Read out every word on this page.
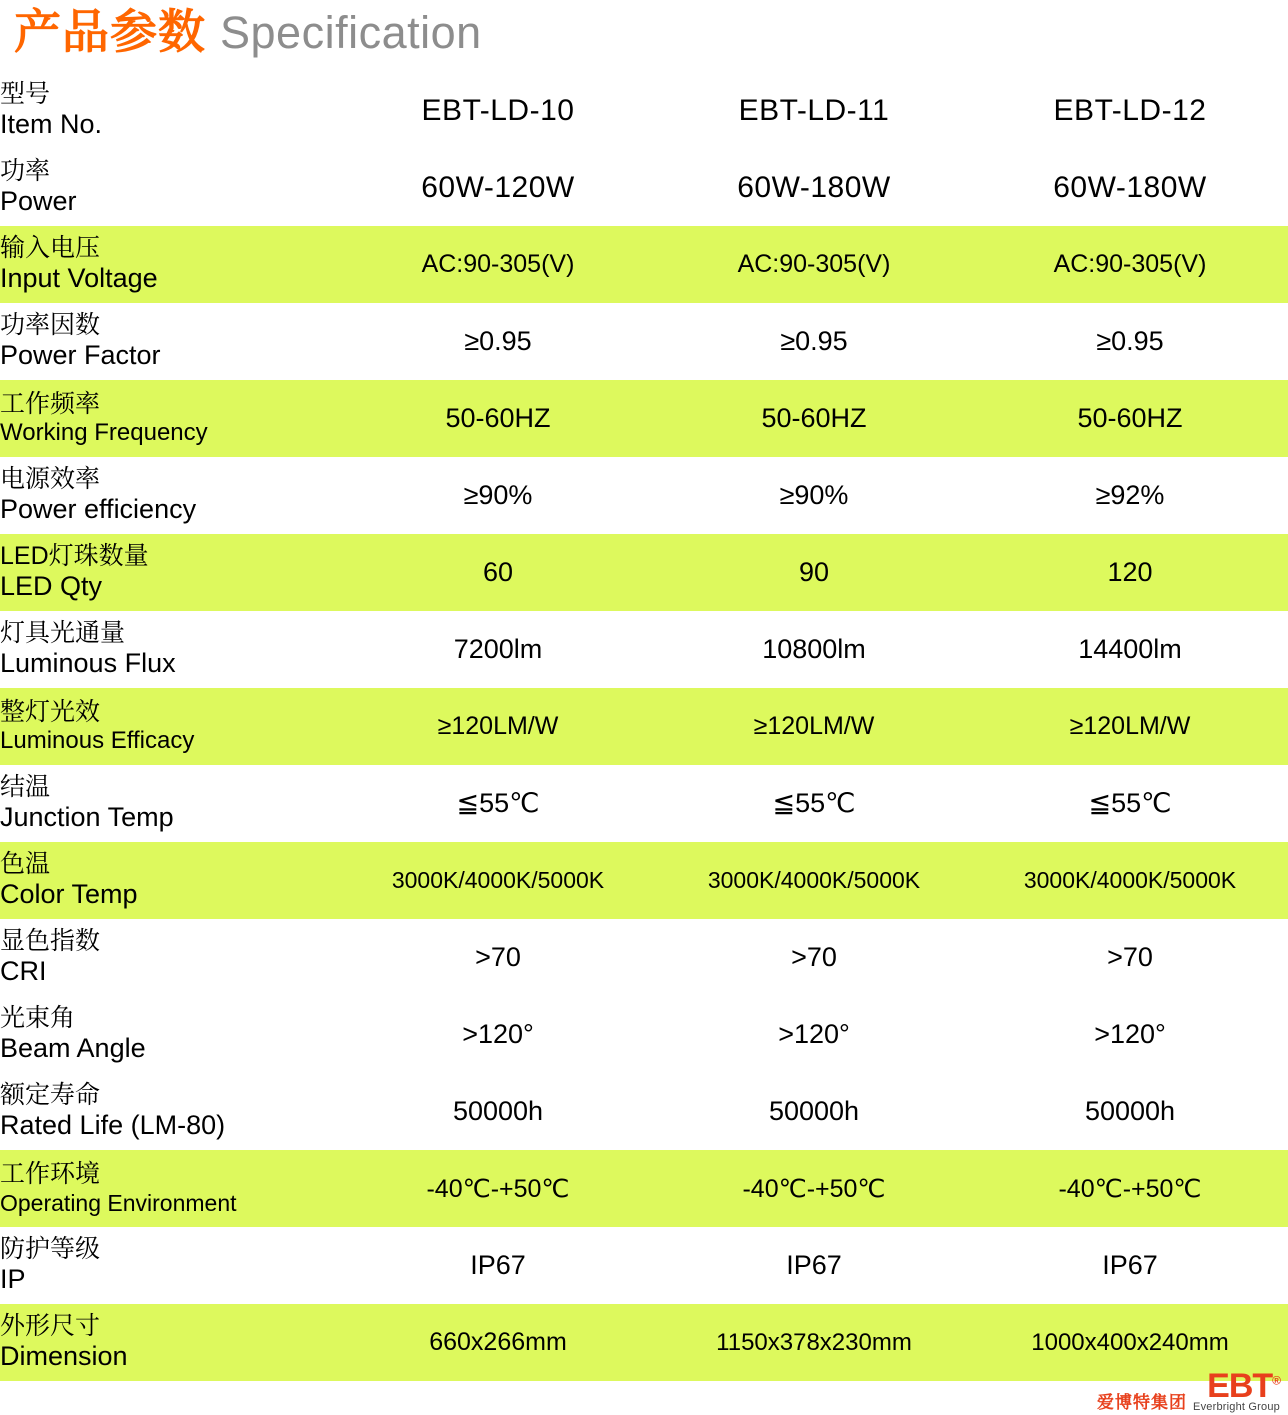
产品参数 Specification
型号
Item No.	EBT-LD-10	EBT-LD-11	EBT-LD-12

功率
Power	60W-120W	60W-180W	60W-180W

输入电压
Input Voltage	AC:90-305(V)	AC:90-305(V)	AC:90-305(V)

功率因数
Power Factor	≥0.95	≥0.95	≥0.95

工作频率
Working Frequency	50-60HZ	50-60HZ	50-60HZ

电源效率
Power efficiency	≥90%	≥90%	≥92%

LED灯珠数量
LED Qty	60	90	120

灯具光通量
Luminous Flux	7200lm	10800lm	14400lm

整灯光效
Luminous Efficacy	≥120LM/W	≥120LM/W	≥120LM/W

结温
Junction Temp	≦55℃	≦55℃	≦55℃

色温
Color Temp	3000K/4000K/5000K	3000K/4000K/5000K	3000K/4000K/5000K

显色指数
CRI	>70	>70	>70

光束角
Beam Angle	>120°	>120°	>120°

额定寿命
Rated Life (LM-80)	50000h	50000h	50000h

工作环境
Operating Environment	-40℃-+50℃	-40℃-+50℃	-40℃-+50℃

防护等级
IP	IP67	IP67	IP67

外形尺寸
Dimension	660x266mm	1150x378x230mm	1000x400x240mm
爱博特集团 EBT®
Everbright Group
